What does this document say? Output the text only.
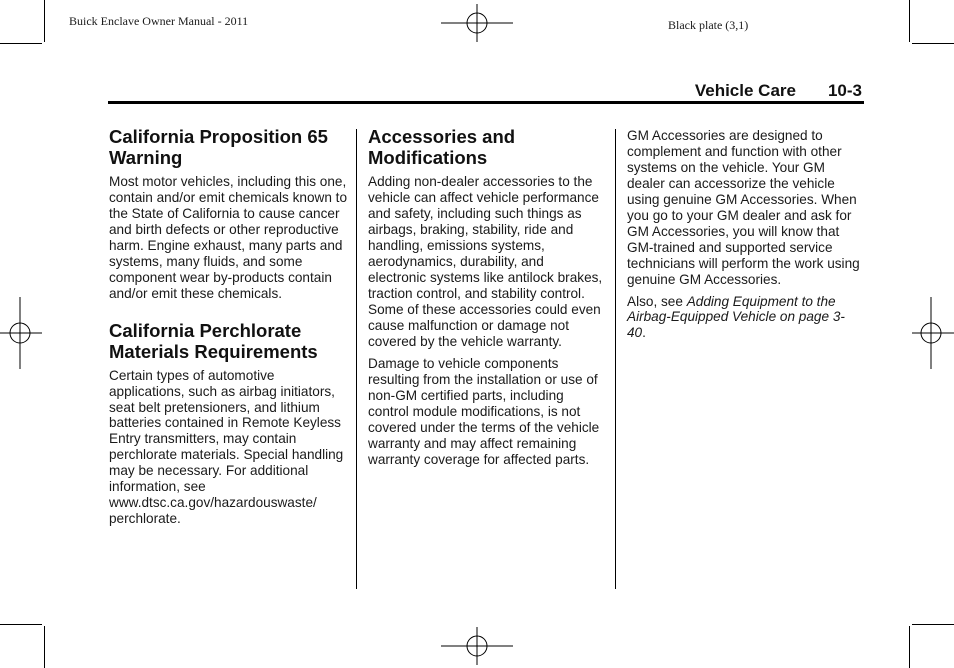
Buick Enclave Owner Manual - 2011	Black plate (3,1)
Vehicle Care 10-3
California Proposition 65 Warning

Most motor vehicles, including this one, contain and/or emit chemicals known to the State of California to cause cancer and birth defects or other reproductive harm. Engine exhaust, many parts and systems, many fluids, and some component wear by-products contain and/or emit these chemicals.

California Perchlorate Materials Requirements

Certain types of automotive applications, such as airbag initiators, seat belt pretensioners, and lithium batteries contained in Remote Keyless Entry transmitters, may contain perchlorate materials. Special handling may be necessary. For additional information, see www.dtsc.ca.gov/hazardouswaste/ perchlorate.

Accessories and Modifications

Adding non-dealer accessories to the vehicle can affect vehicle performance and safety, including such things as airbags, braking, stability, ride and handling, emissions systems, aerodynamics, durability, and electronic systems like antilock brakes, traction control, and stability control. Some of these accessories could even cause malfunction or damage not covered by the vehicle warranty.

Damage to vehicle components resulting from the installation or use of non-GM certified parts, including control module modifications, is not covered under the terms of the vehicle warranty and may affect remaining warranty coverage for affected parts.

GM Accessories are designed to complement and function with other systems on the vehicle. Your GM dealer can accessorize the vehicle using genuine GM Accessories. When you go to your GM dealer and ask for GM Accessories, you will know that GM-trained and supported service technicians will perform the work using genuine GM Accessories.

Also, see Adding Equipment to the Airbag-Equipped Vehicle on page 3-40.
